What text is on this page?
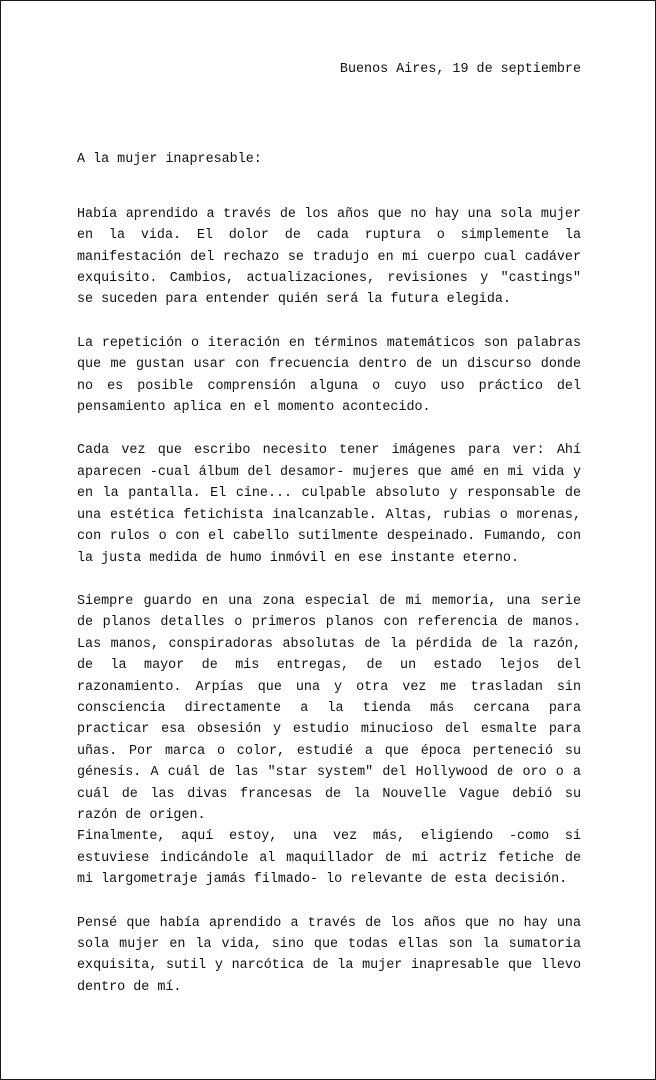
Buenos Aires, 19 de septiembre

A la mujer inapresable:

Había aprendido a través de los años que no hay una sola mujer en la vida. El dolor de cada ruptura o simplemente la manifestación del rechazo se tradujo en mi cuerpo cual cadáver exquisito. Cambios, actualizaciones, revisiones y "castings" se suceden para entender quién será la futura elegida.

La repetición o iteración en términos matemáticos son palabras que me gustan usar con frecuencia dentro de un discurso donde no es posible comprensión alguna o cuyo uso práctico del pensamiento aplica en el momento acontecido.

Cada vez que escribo necesito tener imágenes para ver: Ahí aparecen -cual álbum del desamor- mujeres que amé en mi vida y en la pantalla. El cine... culpable absoluto y responsable de una estética fetichista inalcanzable. Altas, rubias o morenas, con rulos o con el cabello sutilmente despeinado. Fumando, con la justa medida de humo inmóvil en ese instante eterno.

Siempre guardo en una zona especial de mi memoria, una serie de planos detalles o primeros planos con referencia de manos. Las manos, conspiradoras absolutas de la pérdida de la razón, de la mayor de mis entregas, de un estado lejos del razonamiento. Arpías que una y otra vez me trasladan sin consciencia directamente a la tienda más cercana para practicar esa obsesión y estudio minucioso del esmalte para uñas. Por marca o color, estudié a que época perteneció su génesis. A cuál de las "star system" del Hollywood de oro o a cuál de las divas francesas de la Nouvelle Vague debió su razón de origen.

Finalmente, aquí estoy, una vez más, eligiendo -como si estuviese indicándole al maquillador de mi actriz fetiche de mi largometraje jamás filmado- lo relevante de esta decisión.

Pensé que había aprendido a través de los años que no hay una sola mujer en la vida, sino que todas ellas son la sumatoria exquisita, sutil y narcótica de la mujer inapresable que llevo dentro de mí.
